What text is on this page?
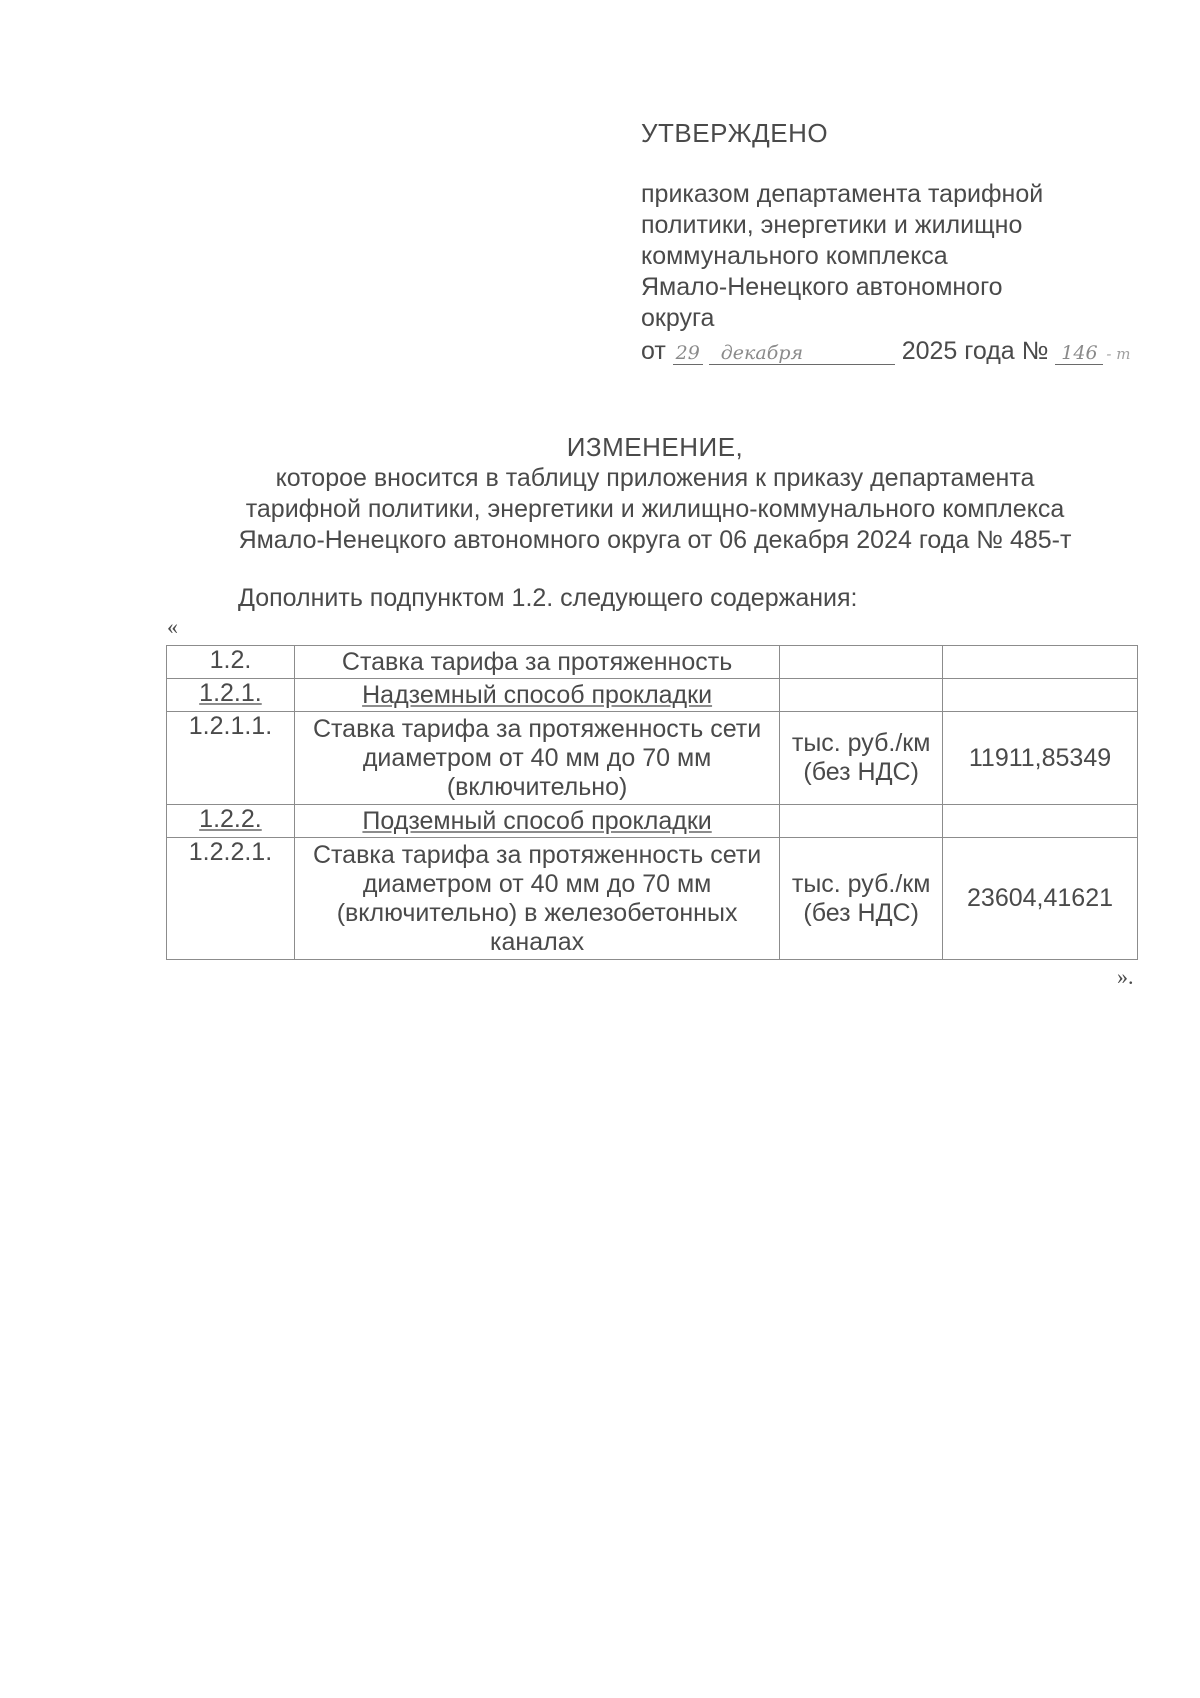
УТВЕРЖДЕНО
приказом департамента тарифной
политики, энергетики и жилищно
коммунального комплекса
Ямало-Ненецкого автономного
округа
от 29 декабря	2025 года № 146 - т
ИЗМЕНЕНИЕ,
которое вносится в таблицу приложения к приказу департамента
тарифной политики, энергетики и жилищно-коммунального комплекса
Ямало-Ненецкого автономного округа от 06 декабря 2024 года № 485-т
Дополнить подпунктом 1.2. следующего содержания:
«
1.2.	Ставка тарифа за протяженность		
1.2.1.	Надземный способ прокладки		
1.2.1.1.	Ставка тарифа за протяженность сети диаметром от 40 мм до 70 мм (включительно)	тыс. руб./км (без НДС)	11911,85349
1.2.2.	Подземный способ прокладки		
1.2.2.1.	Ставка тарифа за протяженность сети диаметром от 40 мм до 70 мм (включительно) в железобетонных каналах	тыс. руб./км (без НДС)	23604,41621
».
